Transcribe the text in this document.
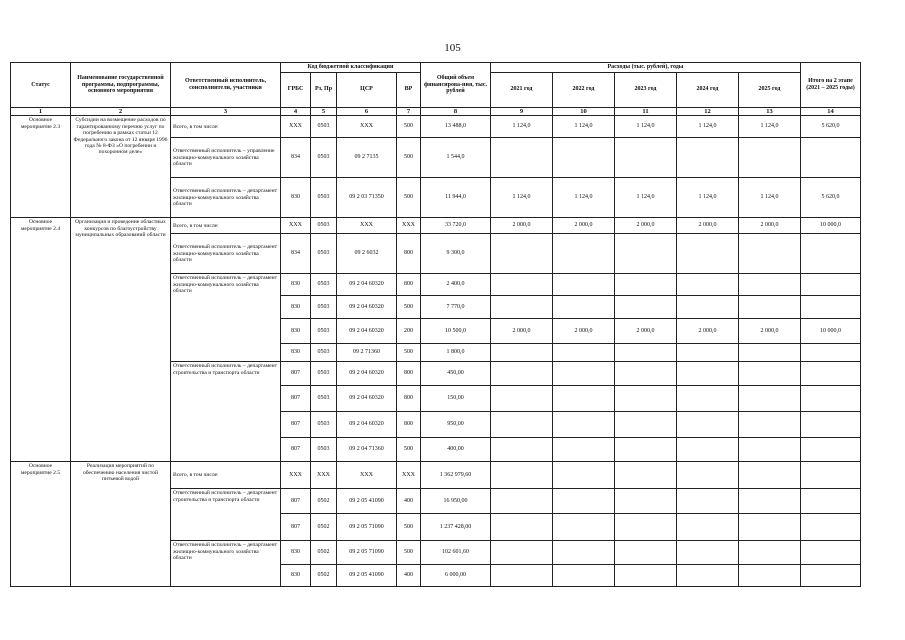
105
Статус	Наименование государственной программы, подпрограммы, основного мероприятия	Ответственный исполнитель, соисполнители, участники	Код бюджетной классификации				Общий объем финансирова-ния, тыс. рублей	Расходы (тыс. рублей), годы					Итого на 2 этапе (2021 – 2025 годы)
			ГРБС	Рз, Пр	ЦСР	ВР		2021 год	2022 год	2023 год	2024 год	2025 год	
1	2	3	4	5	6	7	8	9	10	11	12	13	14
Основное мероприятие 2.3	Субсидии на возмещение расходов по гарантированному перечню услуг по погребению в рамках статьи 12 Федерального закона от 12 января 1996 года № 8-ФЗ «О погребении и похоронном деле»	Всего, в том числе:	ХХХ	0503	ХХХ	500	13 488,0	1 124,0	1 124,0	1 124,0	1 124,0	1 124,0	5 620,0
		Ответственный исполнитель – управление жилищно-коммунального хозяйства области	834	0503	09 2 7135	500	1 544,0						
		Ответственный исполнитель – департамент жилищно-коммунального хозяйства области	830	0503	09 2 03 71350	500	11 944,0	1 124,0	1 124,0	1 124,0	1 124,0	1 124,0	5 620,0
Основное мероприятие 2.4	Организация и проведение областных конкурсов по благоустройству муниципальных образований области	Всего, в том числе:	ХХХ	0503	ХХХ	ХХХ	33 720,0	2 000,0	2 000,0	2 000,0	2 000,0	2 000,0	10 000,0
		Ответственный исполнитель – департамент жилищно-коммунального хозяйства области	834	0503	09 2 6032	800	9 300,0						
		Ответственный исполнитель – департамент жилищно-коммунального хозяйства области	830	0503	09 2 04 60320	800	2 400,0						
			830	0503	09 2 04 60320	500	7 770,0						
			830	0503	09 2 04 60320	200	10 500,0	2 000,0	2 000,0	2 000,0	2 000,0	2 000,0	10 000,0
			830	0503	09 2 71360	500	1 800,0						
		Ответственный исполнитель – департамент строительства и транспорта области	807	0503	09 2 04 60320	800	450,00						
			807	0503	09 2 04 60320	800	150,00						
			807	0503	09 2 04 60320	800	950,00						
			807	0503	09 2 04 71360	500	400,00						

Основное мероприятие 2.5	Реализация мероприятий по обеспечению населения чистой питьевой водой	Всего, в том числе:	ХХХ	ХХХ	ХХХ	ХХХ	1 362 979,60						
		Ответственный исполнитель – департамент строительства и транспорта области	807	0502	09 2 05 41090	400	16 950,00						
			807	0502	09 2 05 71090	500	1 237 428,00						
		Ответственный исполнитель – департамент жилищно-коммунального хозяйства области	830	0502	09 2 05 71090	500	102 601,60						
			830	0502	09 2 05 41090	400	6 000,00						
